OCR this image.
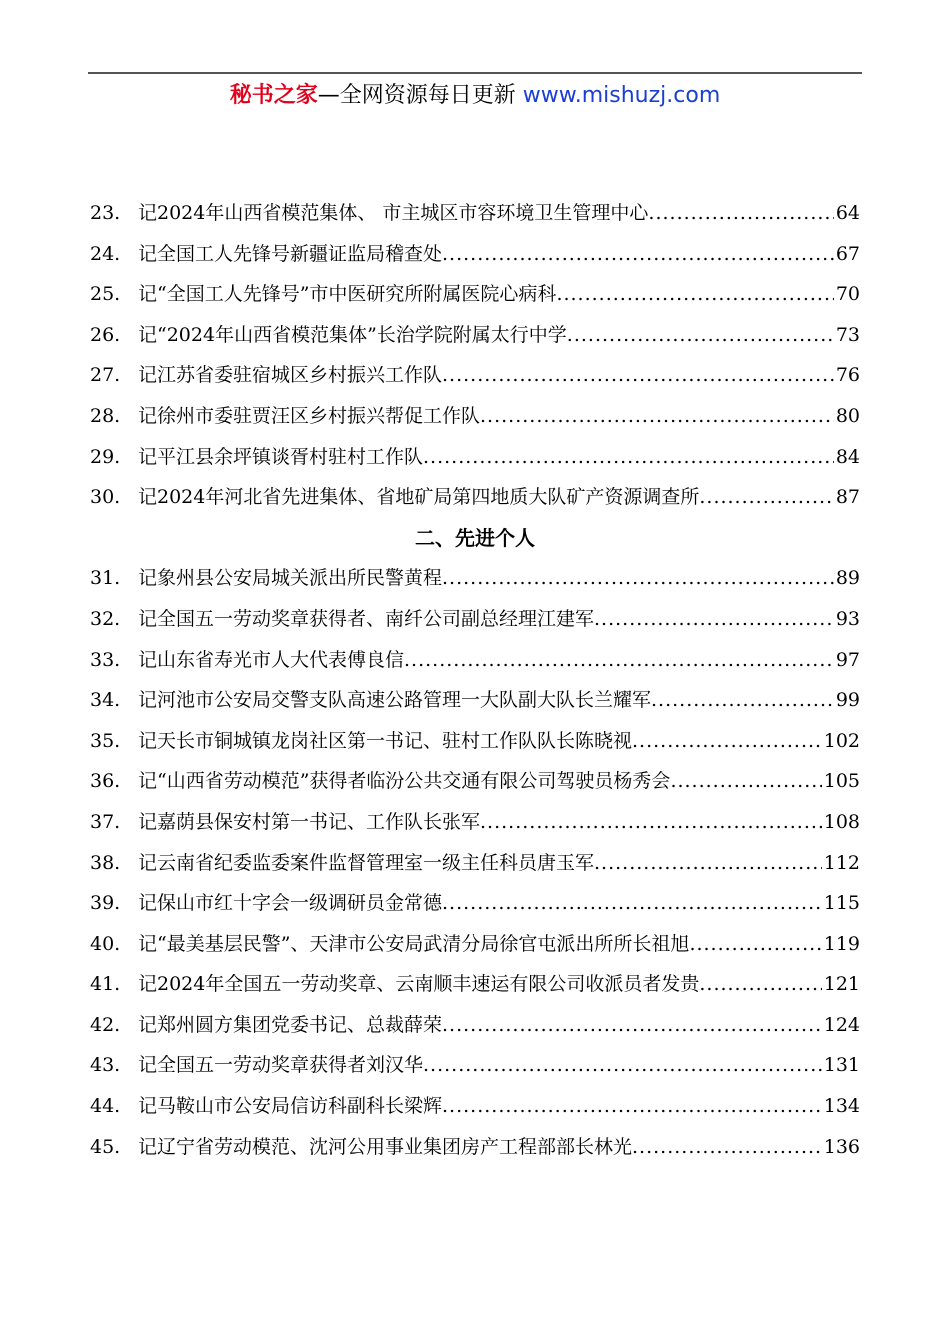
秘书之家—全网资源每日更新 www.mishuzj.com
23. 记2024年山西省模范集体、 市主城区市容环境卫生管理中心 .....	64
24. 记全国工人先锋号新疆证监局稽查处 .....	67
25. 记“全国工人先锋号”市中医研究所附属医院心病科 .....	70
26. 记“2024年山西省模范集体”长治学院附属太行中学 .....	73
27. 记江苏省委驻宿城区乡村振兴工作队 .....	76
28. 记徐州市委驻贾汪区乡村振兴帮促工作队 .....	80
29. 记平江县余坪镇谈胥村驻村工作队 .....	84
30. 记2024年河北省先进集体、省地矿局第四地质大队矿产资源调查所 .....	87
二、先进个人
31. 记象州县公安局城关派出所民警黄程 .....	89
32. 记全国五一劳动奖章获得者、南纤公司副总经理江建军 .....	93
33. 记山东省寿光市人大代表傅良信 .....	97
34. 记河池市公安局交警支队高速公路管理一大队副大队长兰耀军 .....	99
35. 记天长市铜城镇龙岗社区第一书记、驻村工作队队长陈晓视 .....	102
36. 记“山西省劳动模范”获得者临汾公共交通有限公司驾驶员杨秀会 .....	105
37. 记嘉荫县保安村第一书记、工作队长张军 .....	108
38. 记云南省纪委监委案件监督管理室一级主任科员唐玉军 .....	112
39. 记保山市红十字会一级调研员金常德 .....	115
40. 记“最美基层民警”、天津市公安局武清分局徐官屯派出所所长祖旭 .....	119
41. 记2024年全国五一劳动奖章、云南顺丰速运有限公司收派员者发贵 .....	121
42. 记郑州圆方集团党委书记、总裁薛荣 .....	124
43. 记全国五一劳动奖章获得者刘汉华 .....	131
44. 记马鞍山市公安局信访科副科长梁辉 .....	134
45. 记辽宁省劳动模范、沈河公用事业集团房产工程部部长林光 .....	136
